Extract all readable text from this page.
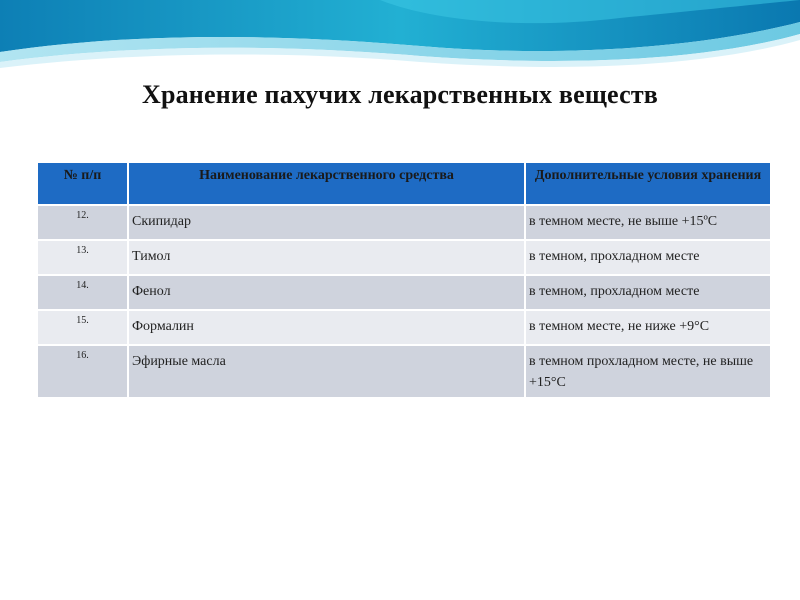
Хранение пахучих лекарственных веществ
№ п/п	Наименование лекарственного средства	Дополнительные условия хранения
12.	Скипидар	в темном месте, не выше +15ºС
13.	Тимол	в темном, прохладном месте
14.	Фенол	в темном, прохладном месте
15.	Формалин	в темном месте, не ниже +9°С
16.	Эфирные масла	в темном прохладном месте, не выше +15°С
